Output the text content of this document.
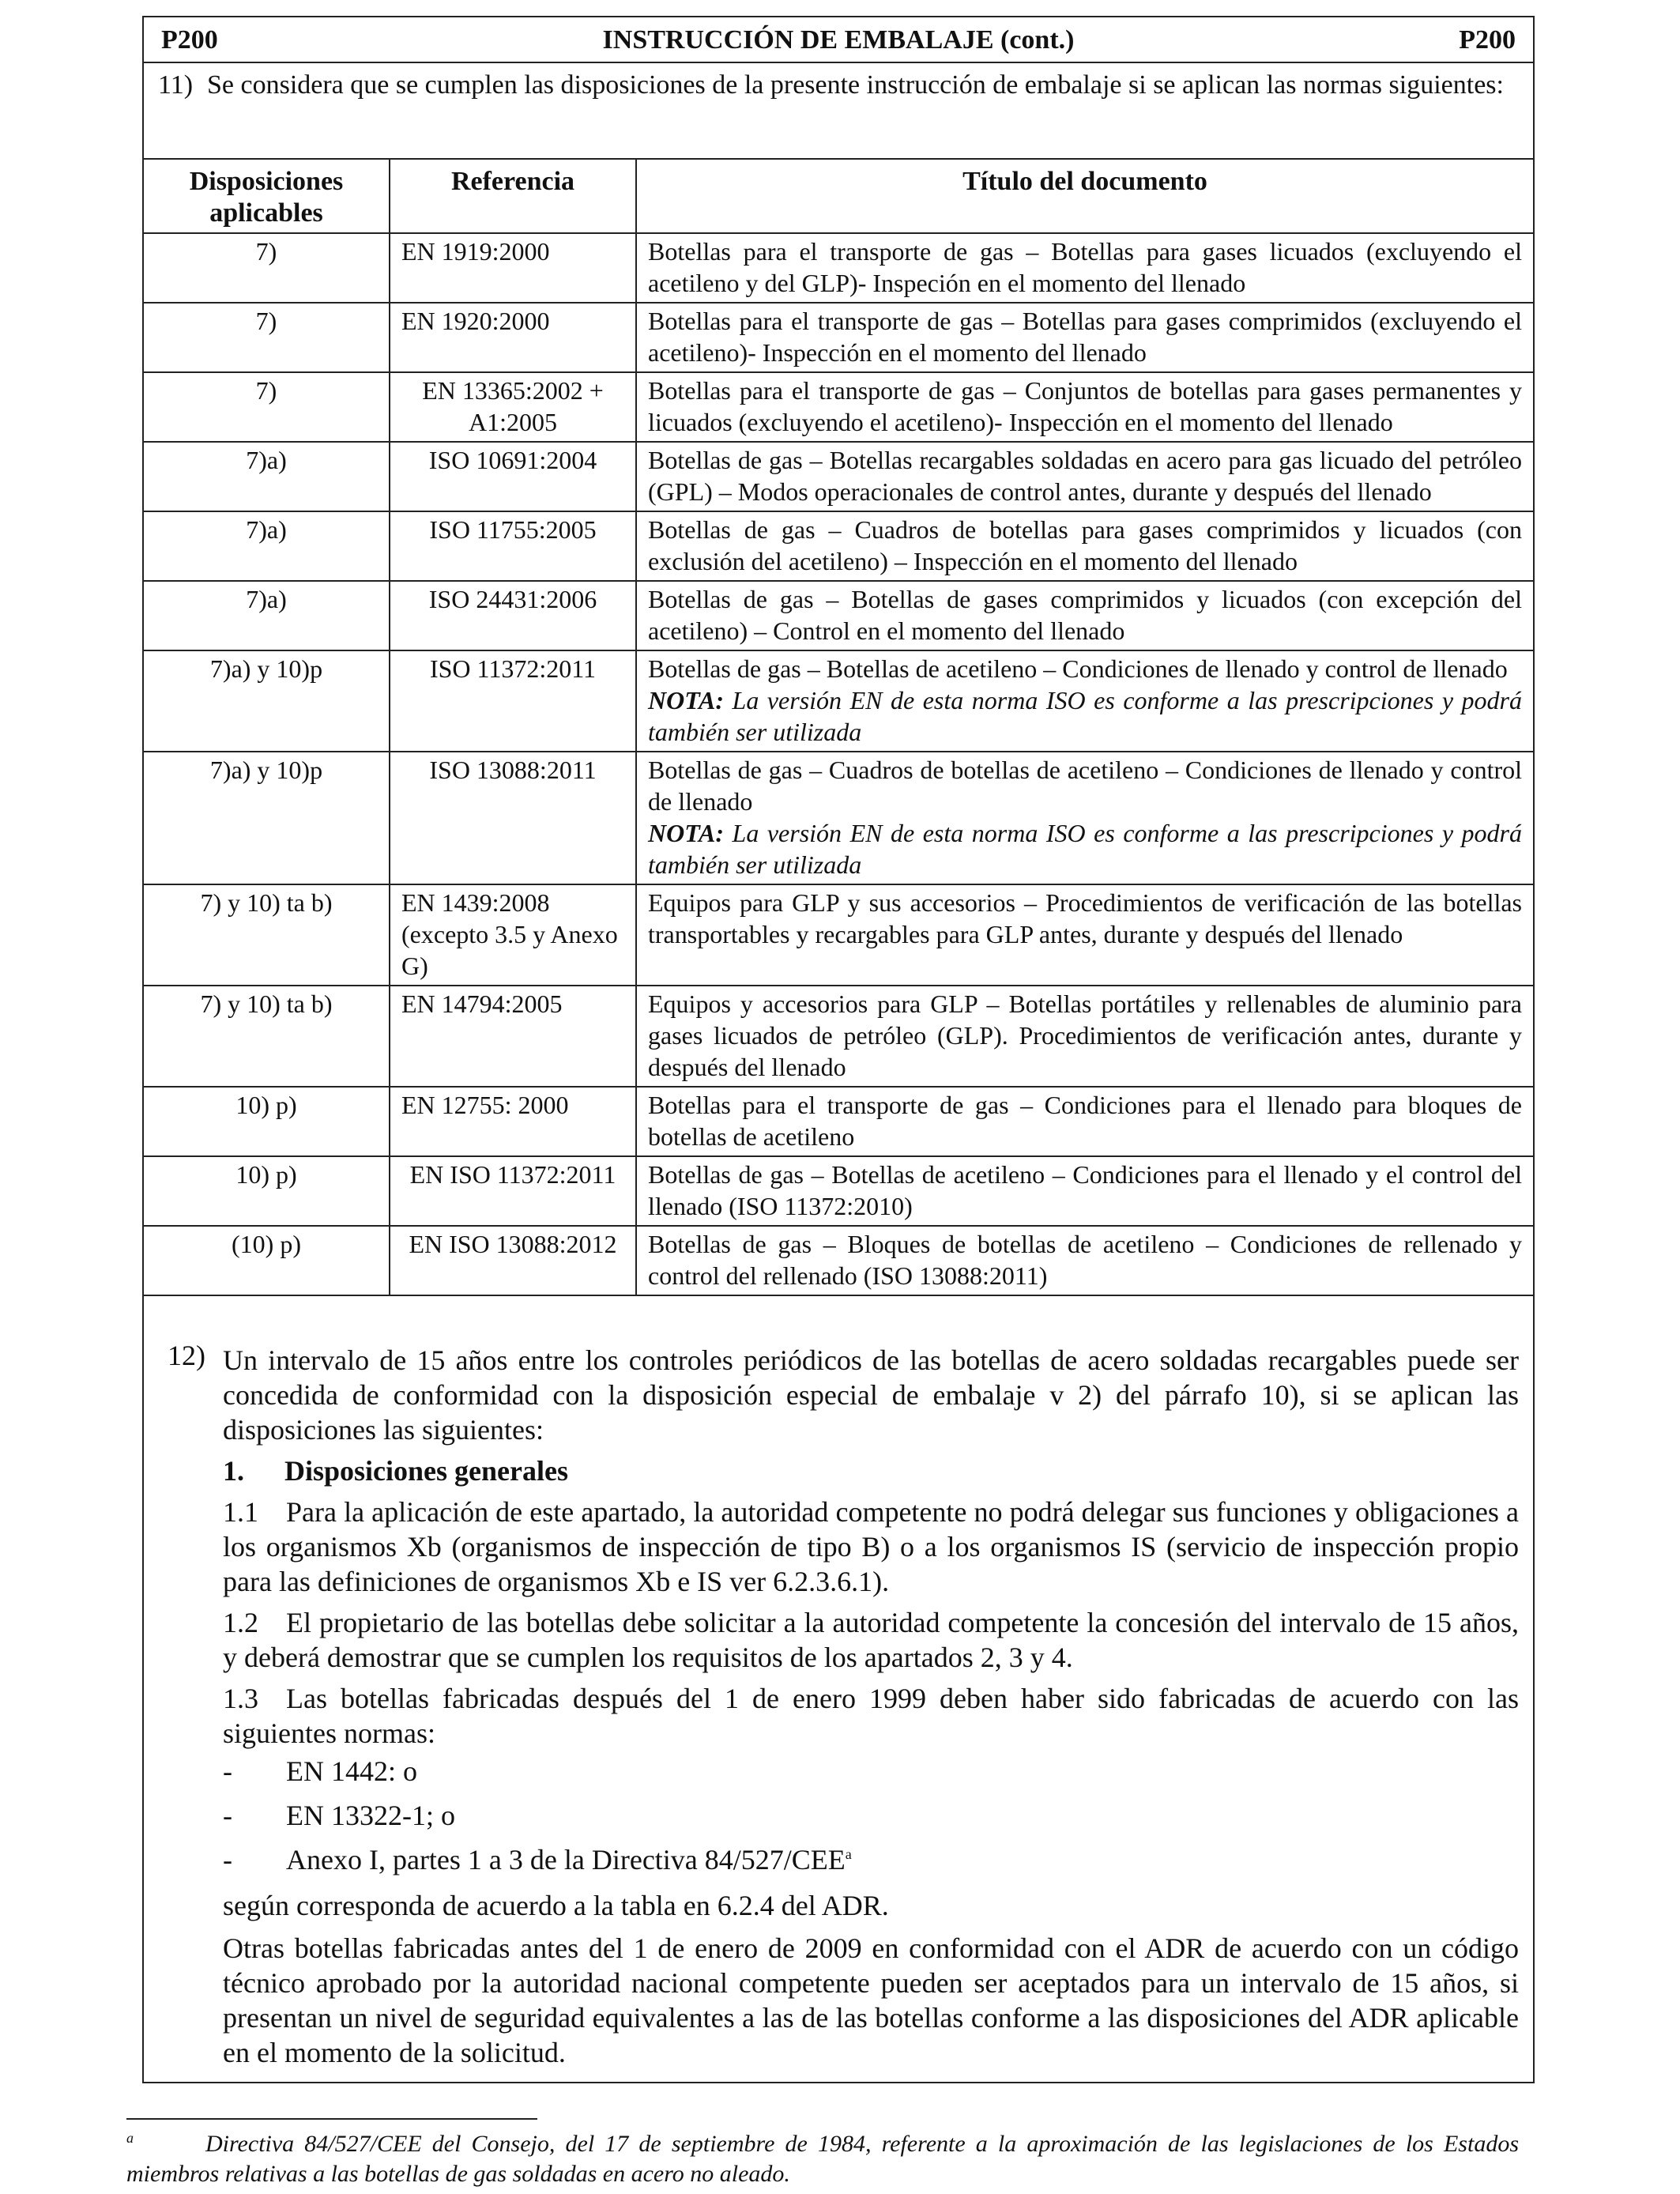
P200	INSTRUCCIÓN DE EMBALAJE (cont.)	P200
11) Se considera que se cumplen las disposiciones de la presente instrucción de embalaje si se aplican las normas siguientes:
Disposiciones aplicables	Referencia	Título del documento
7)	EN 1919:2000	Botellas para el transporte de gas – Botellas para gases licuados (excluyendo el acetileno y del GLP)- Inspeción en el momento del llenado
7)	EN 1920:2000	Botellas para el transporte de gas – Botellas para gases comprimidos (excluyendo el acetileno)- Inspección en el momento del llenado
7)	EN 13365:2002 + A1:2005	Botellas para el transporte de gas – Conjuntos de botellas para gases permanentes y licuados (excluyendo el acetileno)- Inspección en el momento del llenado
7)a)	ISO 10691:2004	Botellas de gas – Botellas recargables soldadas en acero para gas licuado del petróleo (GPL) – Modos operacionales de control antes, durante y después del llenado
7)a)	ISO 11755:2005	Botellas de gas – Cuadros de botellas para gases comprimidos y licuados (con exclusión del acetileno) – Inspección en el momento del llenado
7)a)	ISO 24431:2006	Botellas de gas – Botellas de gases comprimidos y licuados (con excepción del acetileno) – Control en el momento del llenado
7)a) y 10)p	ISO 11372:2011	Botellas de gas – Botellas de acetileno – Condiciones de llenado y control de llenado
NOTA: La versión EN de esta norma ISO es conforme a las prescripciones y podrá también ser utilizada

7)a) y 10)p	ISO 13088:2011	Botellas de gas – Cuadros de botellas de acetileno – Condiciones de llenado y control de llenado
NOTA: La versión EN de esta norma ISO es conforme a las prescripciones y podrá también ser utilizada

7) y 10) ta b)	EN 1439:2008 (excepto 3.5 y Anexo G)	Equipos para GLP y sus accesorios – Procedimientos de verificación de las botellas transportables y recargables para GLP antes, durante y después del llenado
7) y 10) ta b)	EN 14794:2005	Equipos y accesorios para GLP – Botellas portátiles y rellenables de aluminio para gases licuados de petróleo (GLP). Procedimientos de verificación antes, durante y después del llenado
10) p)	EN 12755: 2000	Botellas para el transporte de gas – Condiciones para el llenado para bloques de botellas de acetileno
10) p)	EN ISO 11372:2011	Botellas de gas – Botellas de acetileno – Condiciones para el llenado y el control del llenado (ISO 11372:2010)
(10) p)	EN ISO 13088:2012	Botellas de gas – Bloques de botellas de acetileno – Condiciones de rellenado y control del rellenado (ISO 13088:2011)
12) Un intervalo de 15 años entre los controles periódicos de las botellas de acero soldadas recargables puede ser concedida de conformidad con la disposición especial de embalaje v 2) del párrafo 10), si se aplican las disposiciones las siguientes:
1. Disposiciones generales
1.1 Para la aplicación de este apartado, la autoridad competente no podrá delegar sus funciones y obligaciones a los organismos Xb (organismos de inspección de tipo B) o a los organismos IS (servicio de inspección propio para las definiciones de organismos Xb e IS ver 6.2.3.6.1).
1.2 El propietario de las botellas debe solicitar a la autoridad competente la concesión del intervalo de 15 años, y deberá demostrar que se cumplen los requisitos de los apartados 2, 3 y 4.
1.3 Las botellas fabricadas después del 1 de enero 1999 deben haber sido fabricadas de acuerdo con las siguientes normas:
- EN 1442: o
- EN 13322-1; o
- Anexo I, partes 1 a 3 de la Directiva 84/527/CEE$^a$
según corresponda de acuerdo a la tabla en 6.2.4 del ADR.
Otras botellas fabricadas antes del 1 de enero de 2009 en conformidad con el ADR de acuerdo con un código técnico aprobado por la autoridad nacional competente pueden ser aceptados para un intervalo de 15 años, si presentan un nivel de seguridad equivalentes a las de las botellas conforme a las disposiciones del ADR aplicable en el momento de la solicitud.
a	Directiva 84/527/CEE del Consejo, del 17 de septiembre de 1984, referente a la aproximación de las legislaciones de los Estados miembros relativas a las botellas de gas soldadas en acero no aleado.
